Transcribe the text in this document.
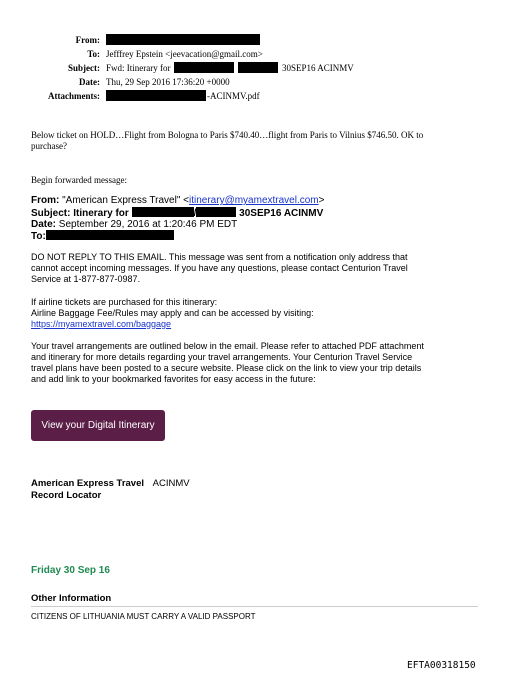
From:
To: Jefffrey Epstein <jeevacation@gmail.com>
Subject: Fwd: Itinerary for	30SEP16 ACINMV
Date: Thu, 29 Sep 2016 17:36:20 +0000
Attachments:	-ACINMV.pdf
Below ticket on HOLD…Flight from Bologna to Paris $740.40…flight from Paris to Vilnius $746.50. OK to
purchase?
Begin forwarded message:
From: "American Express Travel" <itinerary@myamextravel.com>
Subject: Itinerary for	/	30SEP16 ACINMV
Date: September 29, 2016 at 1:20:46 PM EDT
To:
DO NOT REPLY TO THIS EMAIL. This message was sent from a notification only address that
cannot accept incoming messages. If you have any questions, please contact Centurion Travel
Service at 1-877-877-0987.
If airline tickets are purchased for this itinerary:
Airline Baggage Fee/Rules may apply and can be accessed by visiting:
https://myamextravel.com/baggage
Your travel arrangements are outlined below in the email. Please refer to attached PDF attachment
and itinerary for more details regarding your travel arrangements. Your Centurion Travel Service
travel plans have been posted to a secure website. Please click on the link to view your trip details
and add link to your bookmarked favorites for easy access in the future:
View your Digital Itinerary
American Express Travel ACINMV
Record Locator
Friday 30 Sep 16
Other Information
CITIZENS OF LITHUANIA MUST CARRY A VALID PASSPORT
EFTA00318150
